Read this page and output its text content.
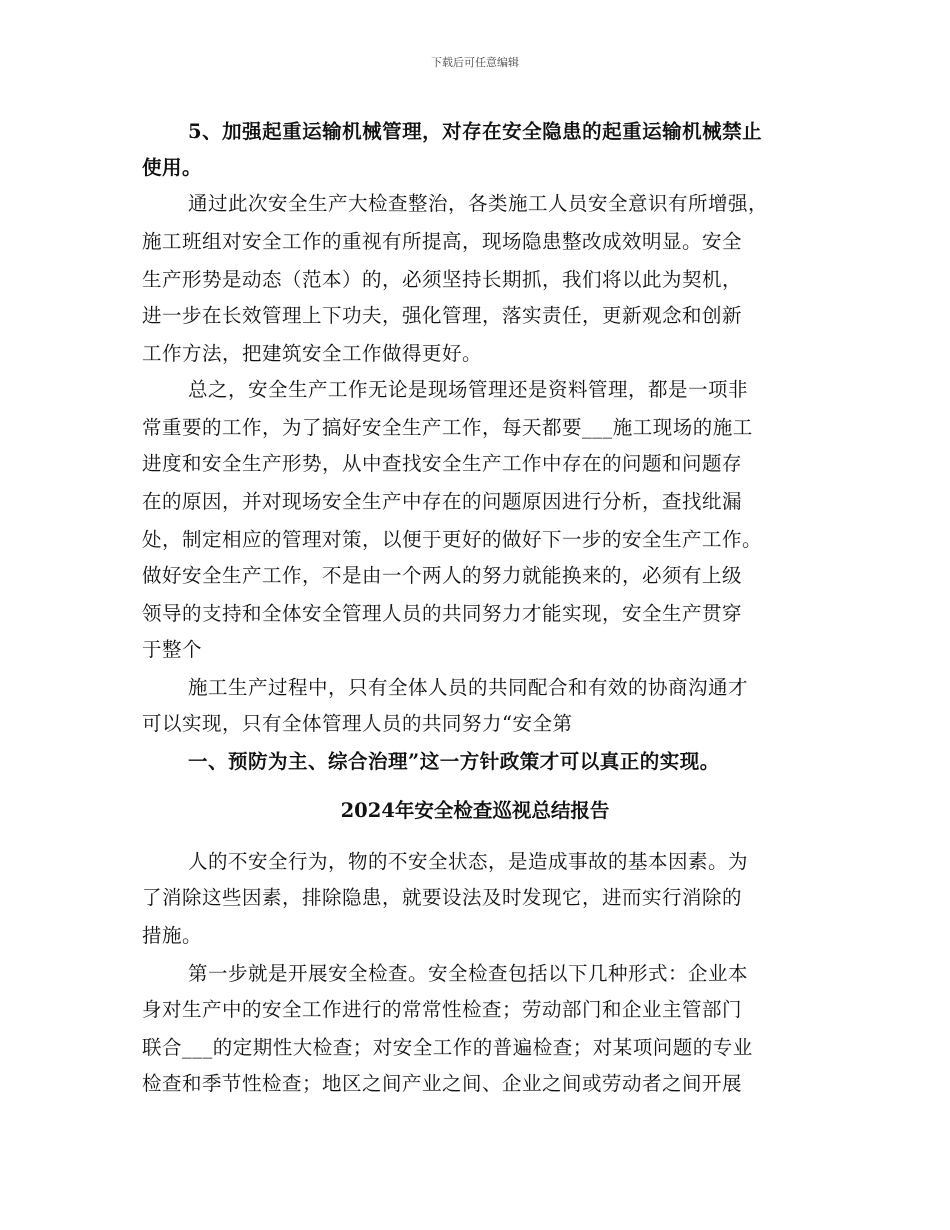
下载后可任意编辑
5、加强起重运输机械管理，对存在安全隐患的起重运输机械禁止
使用。
通过此次安全生产大检查整治，各类施工人员安全意识有所增强，
施工班组对安全工作的重视有所提高，现场隐患整改成效明显。安全
生产形势是动态（范本）的，必须坚持长期抓，我们将以此为契机，
进一步在长效管理上下功夫，强化管理，落实责任，更新观念和创新
工作方法，把建筑安全工作做得更好。
总之，安全生产工作无论是现场管理还是资料管理，都是一项非
常重要的工作，为了搞好安全生产工作，每天都要___施工现场的施工
进度和安全生产形势，从中查找安全生产工作中存在的问题和问题存
在的原因，并对现场安全生产中存在的问题原因进行分析，查找纰漏
处，制定相应的管理对策，以便于更好的做好下一步的安全生产工作。
做好安全生产工作，不是由一个两人的努力就能换来的，必须有上级
领导的支持和全体安全管理人员的共同努力才能实现，安全生产贯穿
于整个
施工生产过程中，只有全体人员的共同配合和有效的协商沟通才
可以实现，只有全体管理人员的共同努力“安全第
一、预防为主、综合治理”这一方针政策才可以真正的实现。
2024年安全检查巡视总结报告
人的不安全行为，物的不安全状态，是造成事故的基本因素。为
了消除这些因素，排除隐患，就要设法及时发现它，进而实行消除的
措施。
第一步就是开展安全检查。安全检查包括以下几种形式：企业本
身对生产中的安全工作进行的常常性检查；劳动部门和企业主管部门
联合___的定期性大检查；对安全工作的普遍检查；对某项问题的专业
检查和季节性检查；地区之间产业之间、企业之间或劳动者之间开展
